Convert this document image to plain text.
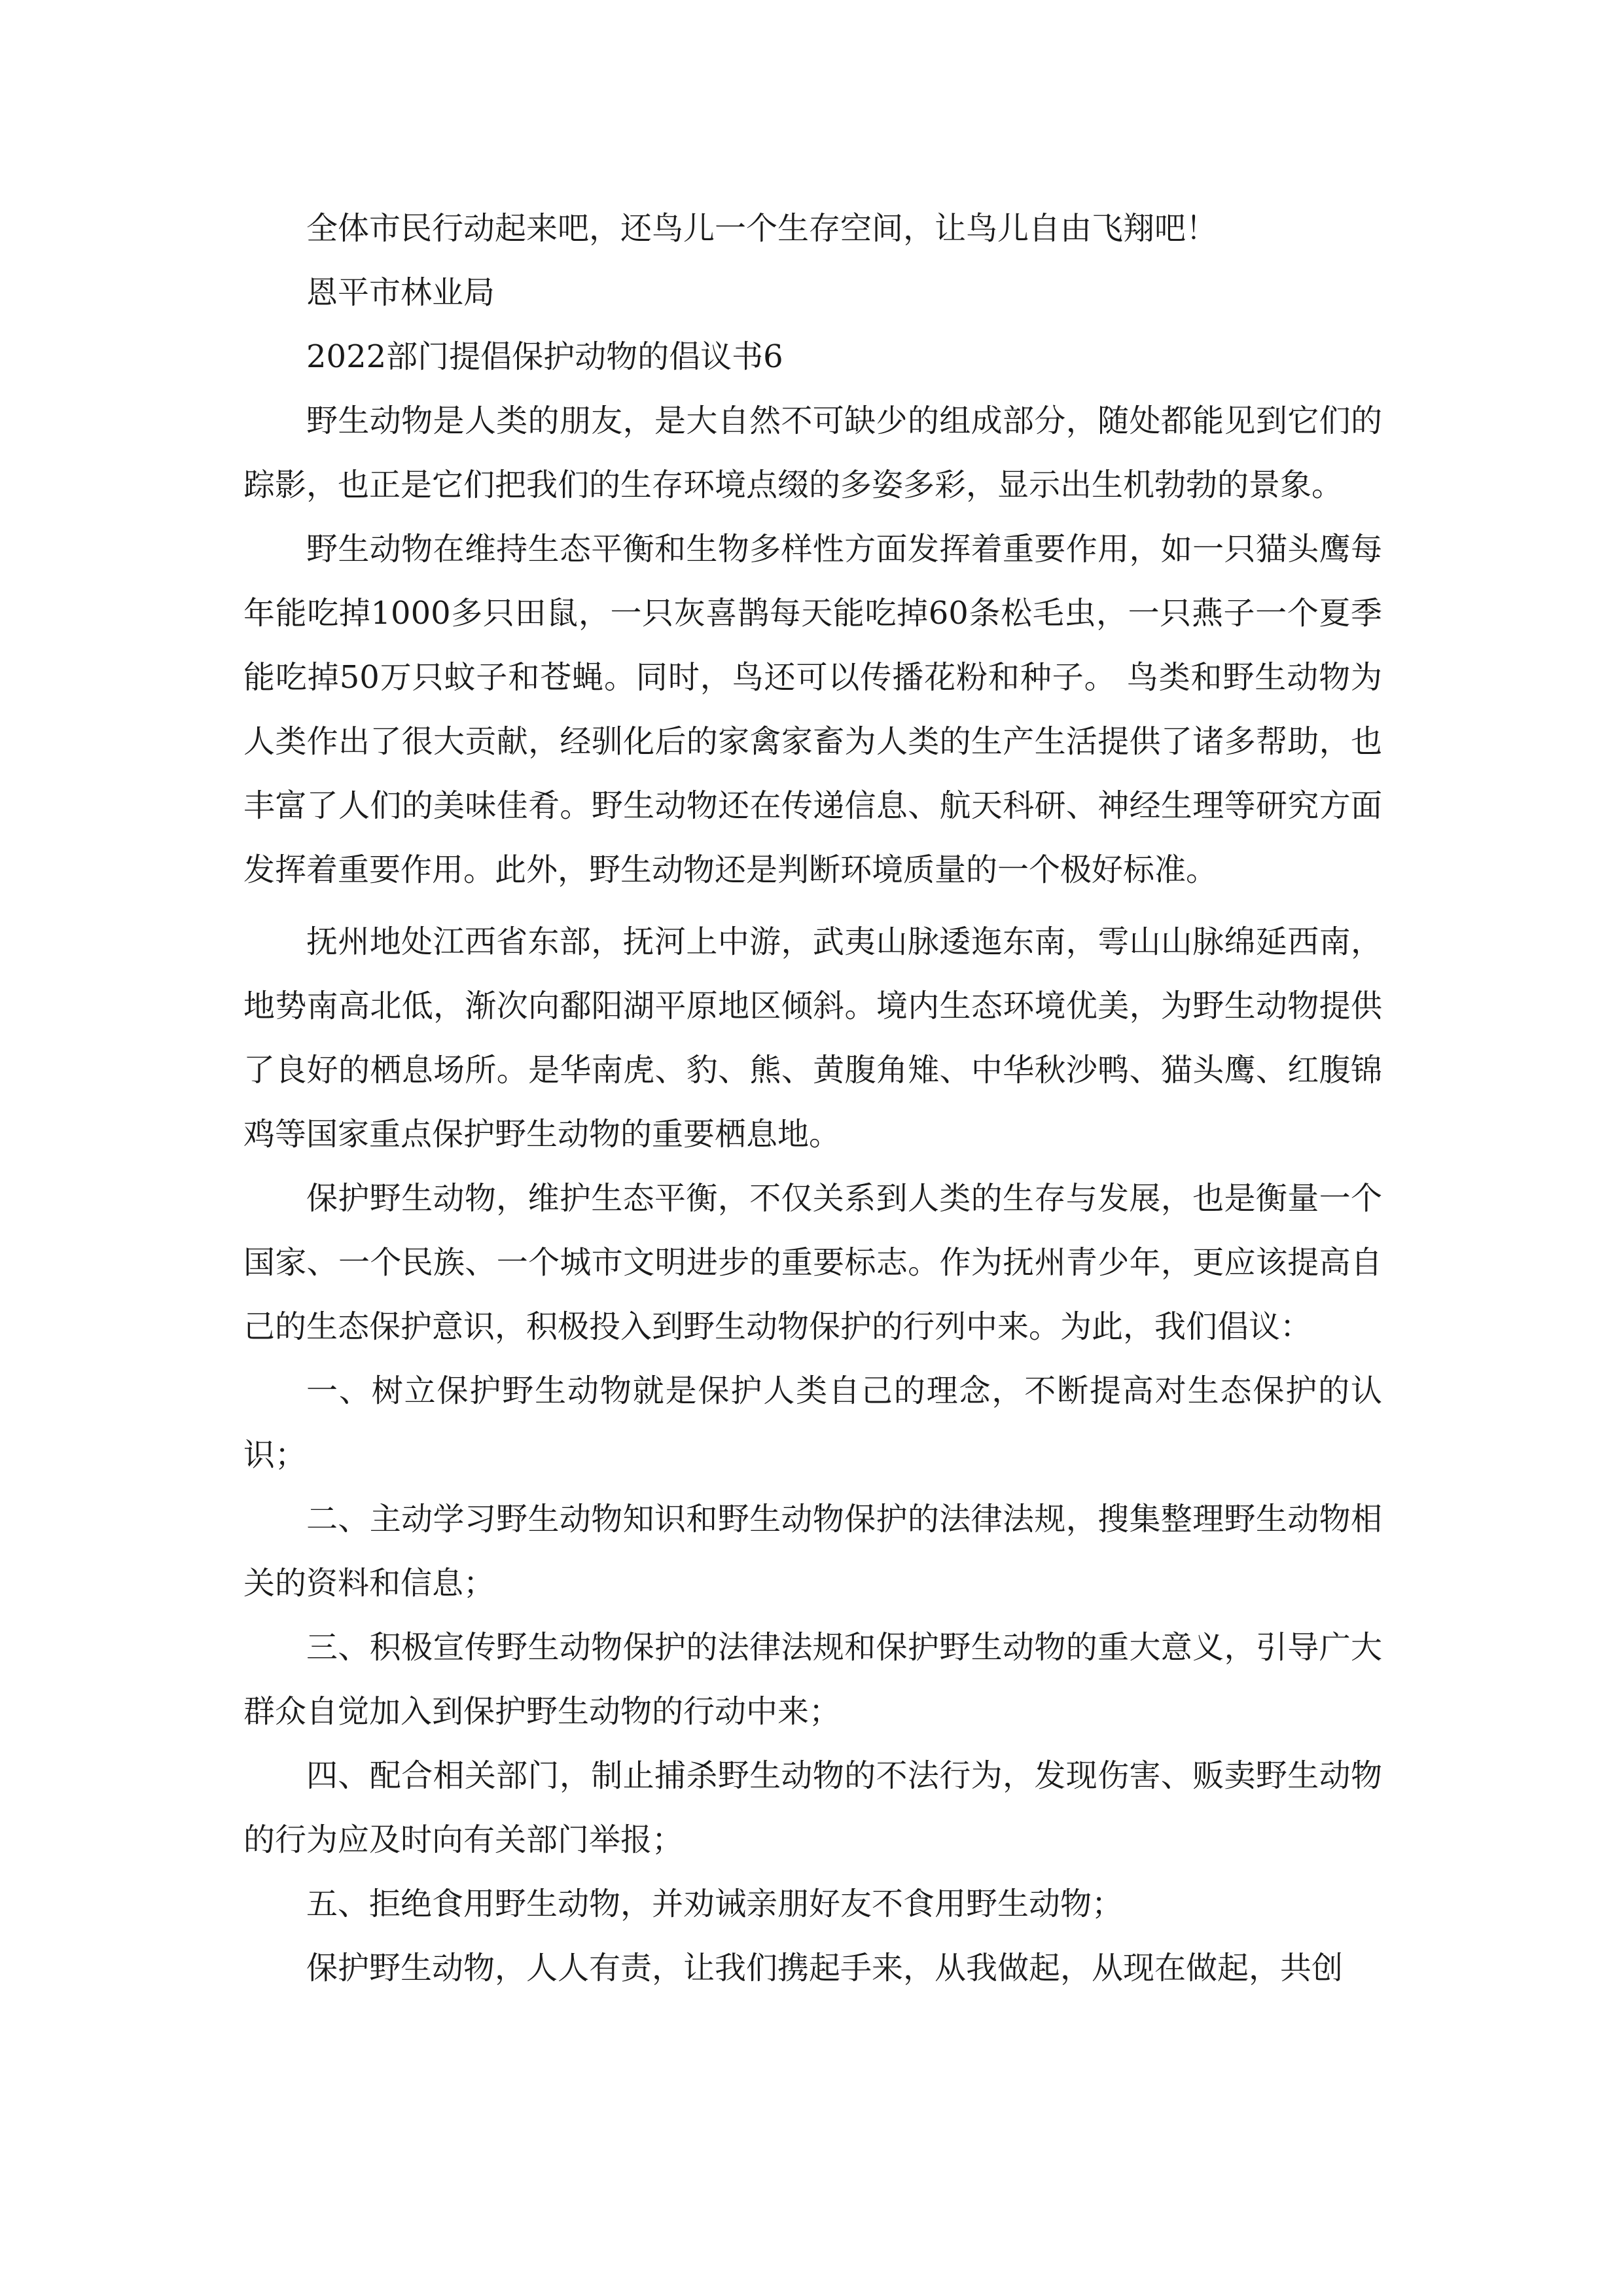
全体市民行动起来吧，还鸟儿一个生存空间，让鸟儿自由飞翔吧！

恩平市林业局

2022部门提倡保护动物的倡议书6

野生动物是人类的朋友，是大自然不可缺少的组成部分，随处都能见到它们的踪影，也正是它们把我们的生存环境点缀的多姿多彩，显示出生机勃勃的景象。

野生动物在维持生态平衡和生物多样性方面发挥着重要作用，如一只猫头鹰每年能吃掉1000多只田鼠，一只灰喜鹊每天能吃掉60条松毛虫，一只燕子一个夏季能吃掉50万只蚊子和苍蝇。同时，鸟还可以传播花粉和种子。 鸟类和野生动物为人类作出了很大贡献，经驯化后的家禽家畜为人类的生产生活提供了诸多帮助，也丰富了人们的美味佳肴。野生动物还在传递信息、航天科研、神经生理等研究方面发挥着重要作用。此外，野生动物还是判断环境质量的一个极好标准。

抚州地处江西省东部，抚河上中游，武夷山脉逶迤东南，雩山山脉绵延西南，地势南高北低，渐次向鄱阳湖平原地区倾斜。境内生态环境优美，为野生动物提供了良好的栖息场所。是华南虎、豹、熊、黄腹角雉、中华秋沙鸭、猫头鹰、红腹锦鸡等国家重点保护野生动物的重要栖息地。

保护野生动物，维护生态平衡，不仅关系到人类的生存与发展，也是衡量一个国家、一个民族、一个城市文明进步的重要标志。作为抚州青少年，更应该提高自己的生态保护意识，积极投入到野生动物保护的行列中来。为此，我们倡议：

一、树立保护野生动物就是保护人类自己的理念，不断提高对生态保护的认识；

二、主动学习野生动物知识和野生动物保护的法律法规，搜集整理野生动物相关的资料和信息；

三、积极宣传野生动物保护的法律法规和保护野生动物的重大意义，引导广大群众自觉加入到保护野生动物的行动中来；

四、配合相关部门，制止捕杀野生动物的不法行为，发现伤害、贩卖野生动物的行为应及时向有关部门举报；

五、拒绝食用野生动物，并劝诫亲朋好友不食用野生动物；

保护野生动物，人人有责，让我们携起手来，从我做起，从现在做起，共创
